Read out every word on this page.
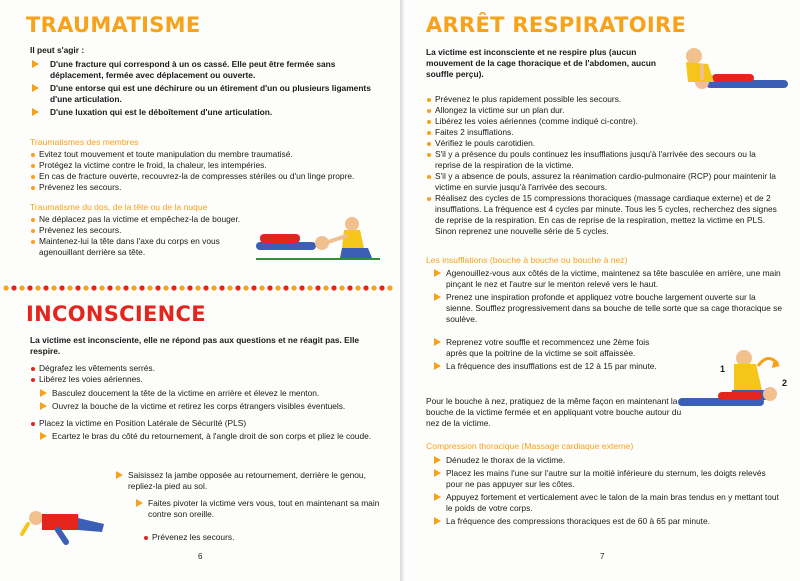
TRAUMATISME

Il peut s'agir :

D'une fracture qui correspond à un os cassé. Elle peut être fermée sans déplacement, fermée avec déplacement ou ouverte.
D'une entorse qui est une déchirure ou un étirement d'un ou plusieurs ligaments d'une articulation.
D'une luxation qui est le déboîtement d'une articulation.

Traumatismes des membres

Evitez tout mouvement et toute manipulation du membre traumatisé.
Protégez la victime contre le froid, la chaleur, les intempéries.
En cas de fracture ouverte, recouvrez-la de compresses stériles ou d'un linge propre.
Prévenez les secours.

Traumatisme du dos, de la tête ou de la nuque

Ne déplacez pas la victime et empêchez-la de bouger.
Prévenez les secours.
Maintenez-lui la tête dans l'axe du corps en vous agenouillant derrière sa tête.
INCONSCIENCE

La victime est inconsciente, elle ne répond pas aux questions et ne réagit pas. Elle respire.

Dégrafez les vêtements serrés.
Libérez les voies aériennes.
Basculez doucement la tête de la victime en arrière et élevez le menton.
Ouvrez la bouche de la victime et retirez les corps étrangers visibles éventuels.
Placez la victime en Position Latérale de Sécurité (PLS)
Ecartez le bras du côté du retournement, à l'angle droit de son corps et pliez le coude.
Saisissez la jambe opposée au retournement, derrière le genou, repliez-la pied au sol.
Faites pivoter la victime vers vous, tout en maintenant sa main contre son oreille.
Prévenez les secours.
6
ARRÊT RESPIRATOIRE

La victime est inconsciente et ne respire plus (aucun mouvement de la cage thoracique et de l'abdomen, aucun souffle perçu).

Prévenez le plus rapidement possible les secours.
Allongez la victime sur un plan dur.
Libérez les voies aériennes (comme indiqué ci-contre).
Faites 2 insufflations.
Vérifiez le pouls carotidien.
S'il y a présence du pouls continuez les insufflations jusqu'à l'arrivée des secours ou la reprise de la respiration de la victime.
S'il y a absence de pouls, assurez la réanimation cardio-pulmonaire (RCP) pour maintenir la victime en survie jusqu'à l'arrivée des secours.
Réalisez des cycles de 15 compressions thoraciques (massage cardiaque externe) et de 2 insufflations. La fréquence est 4 cycles par minute. Tous les 5 cycles, recherchez des signes de reprise de la respiration. En cas de reprise de la respiration, mettez la victime en PLS. Sinon reprenez une nouvelle série de 5 cycles.

Les insufflations (bouche à bouche ou bouche à nez)

Agenouillez-vous aux côtés de la victime, maintenez sa tête basculée en arrière, une main pinçant le nez et l'autre sur le menton relevé vers le haut.
Prenez une inspiration profonde et appliquez votre bouche largement ouverte sur la sienne. Soufflez progressivement dans sa bouche de telle sorte que sa cage thoracique se soulève.
Reprenez votre souffle et recommencez une 2ème fois après que la poitrine de la victime se soit affaissée.
La fréquence des insufflations est de 12 à 15 par minute.	1
2

Pour le bouche à nez, pratiquez de la même façon en maintenant la bouche de la victime fermée et en appliquant votre bouche autour du nez de la victime.

Compression thoracique (Massage cardiaque externe)

Dénudez le thorax de la victime.
Placez les mains l'une sur l'autre sur la moitié inférieure du sternum, les doigts relevés pour ne pas appuyer sur les côtes.
Appuyez fortement et verticalement avec le talon de la main bras tendus en y mettant tout le poids de votre corps.
La fréquence des compressions thoraciques est de 60 à 65 par minute.
7
